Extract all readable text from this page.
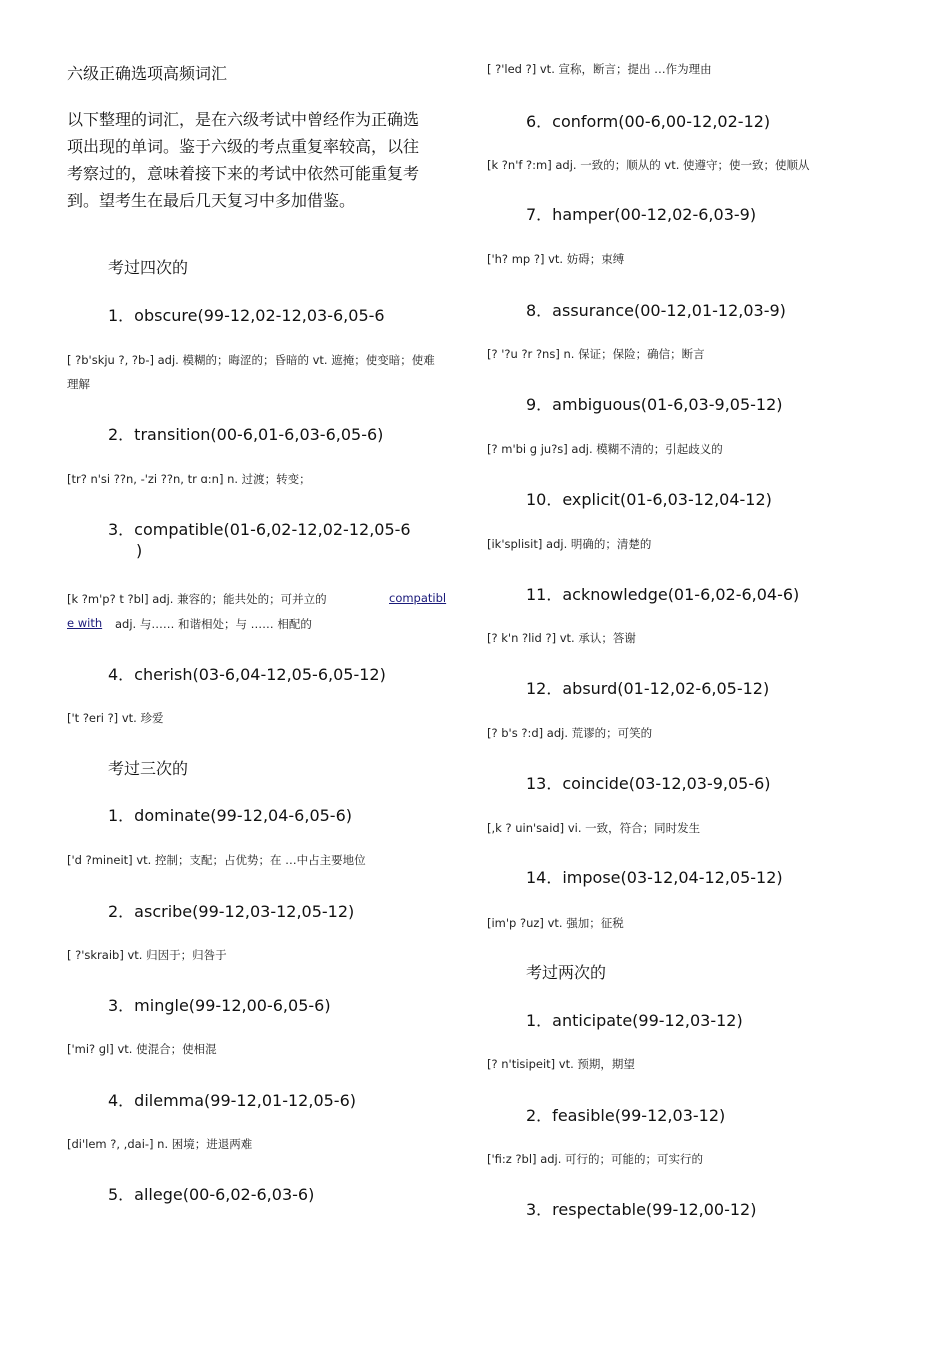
六级正确选项高频词汇
以下整理的词汇，是在六级考试中曾经作为正确选项出现的单词。鉴于六级的考点重复率较高，以往考察过的，意味着接下来的考试中依然可能重复考到。望考生在最后几天复习中多加借鉴。
考过四次的
1．obscure(99-12,02-12,03-6,05-6
[ ?b'skju ?, ?b-] adj. 模糊的；晦涩的；昏暗的 vt. 遮掩；使变暗；使难理解
2．transition(00-6,01-6,03-6,05-6)
[tr? n'si ??n, -'zi ??n, tr ɑ:n] n. 过渡；转变；
3．compatible(01-6,02-12,02-12,05-6
)
[k ?m'p? t ?bl] adj. 兼容的；能共处的；可并立的	compatibl
e with adj. 与…… 和谐相处；与 …… 相配的
4．cherish(03-6,04-12,05-6,05-12)
['t ?eri ?] vt. 珍爱
考过三次的
1．dominate(99-12,04-6,05-6)
['d ?mineit] vt. 控制；支配；占优势；在 …中占主要地位
2．ascribe(99-12,03-12,05-12)
[ ?'skraib] vt. 归因于；归咎于
3．mingle(99-12,00-6,05-6)
['mi? ɡl] vt. 使混合；使相混
4．dilemma(99-12,01-12,05-6)
[di'lem ?, ,dai-] n. 困境；进退两难
5．allege(00-6,02-6,03-6)
[ ?'led ?] vt. 宣称，断言；提出 …作为理由
6．conform(00-6,00-12,02-12)
[k ?n'f ?:m] adj. 一致的；顺从的 vt. 使遵守；使一致；使顺从
7．hamper(00-12,02-6,03-9)
['h? mp ?] vt. 妨碍；束缚
8．assurance(00-12,01-12,03-9)
[? '?u ?r ?ns] n. 保证；保险；确信；断言
9．ambiguous(01-6,03-9,05-12)
[? m'bi ɡ ju?s] adj. 模糊不清的；引起歧义的
10．explicit(01-6,03-12,04-12)
[ik'splisit] adj. 明确的；清楚的
11．acknowledge(01-6,02-6,04-6)
[? k'n ?lid ?] vt. 承认；答谢
12．absurd(01-12,02-6,05-12)
[? b's ?:d] adj. 荒谬的；可笑的
13．coincide(03-12,03-9,05-6)
[,k ? uin'said] vi. 一致，符合；同时发生
14．impose(03-12,04-12,05-12)
[im'p ?uz] vt. 强加；征税
考过两次的
1．anticipate(99-12,03-12)
[? n'tisipeit] vt. 预期，期望
2．feasible(99-12,03-12)
['fi:z ?bl] adj. 可行的；可能的；可实行的
3．respectable(99-12,00-12)
